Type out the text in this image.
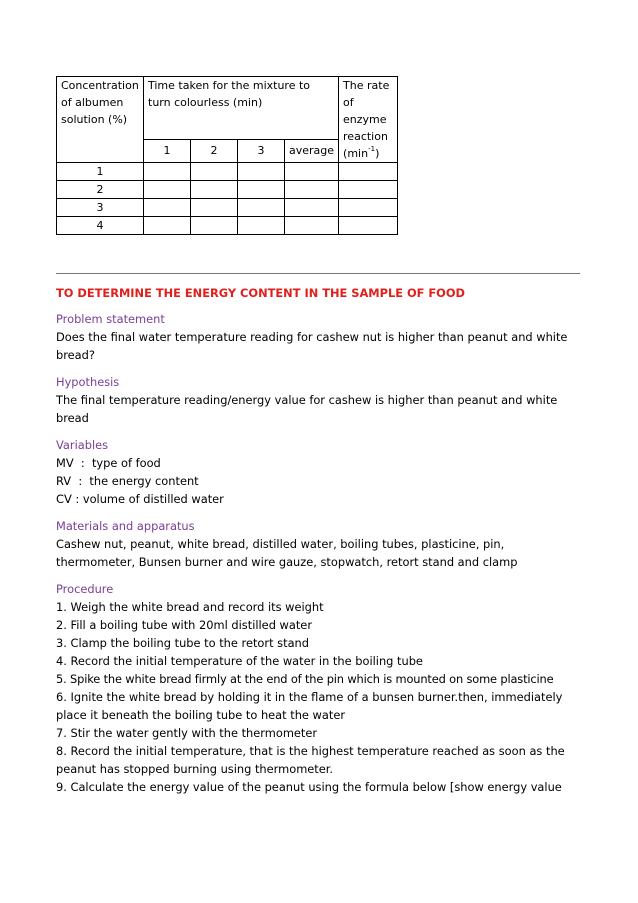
Concentration of albumen solution (%)	Time taken for the mixture to turn colourless (min)				The rate of enzyme reaction $(\min^{-1})$
	1	2	3	average	
1					
2					
3					
4					

TO DETERMINE THE ENERGY CONTENT IN THE SAMPLE OF FOOD

Problem statement

Does the final water temperature reading for cashew nut is higher than peanut and white bread?

Hypothesis

The final temperature reading/energy value for cashew is higher than peanut and white bread

Variables

MV  :  type of food

RV  :  the energy content

CV : volume of distilled water

Materials and apparatus

Cashew nut, peanut, white bread, distilled water, boiling tubes, plasticine, pin, thermometer, Bunsen burner and wire gauze, stopwatch, retort stand and clamp

Procedure

1. Weigh the white bread and record its weight

2. Fill a boiling tube with 20ml distilled water

3. Clamp the boiling tube to the retort stand

4. Record the initial temperature of the water in the boiling tube

5. Spike the white bread firmly at the end of the pin which is mounted on some plasticine

6. Ignite the white bread by holding it in the flame of a bunsen burner.then, immediately place it beneath the boiling tube to heat the water

7. Stir the water gently with the thermometer

8. Record the initial temperature, that is the highest temperature reached as soon as the peanut has stopped burning using thermometer.

9. Calculate the energy value of the peanut using the formula below [show energy value
